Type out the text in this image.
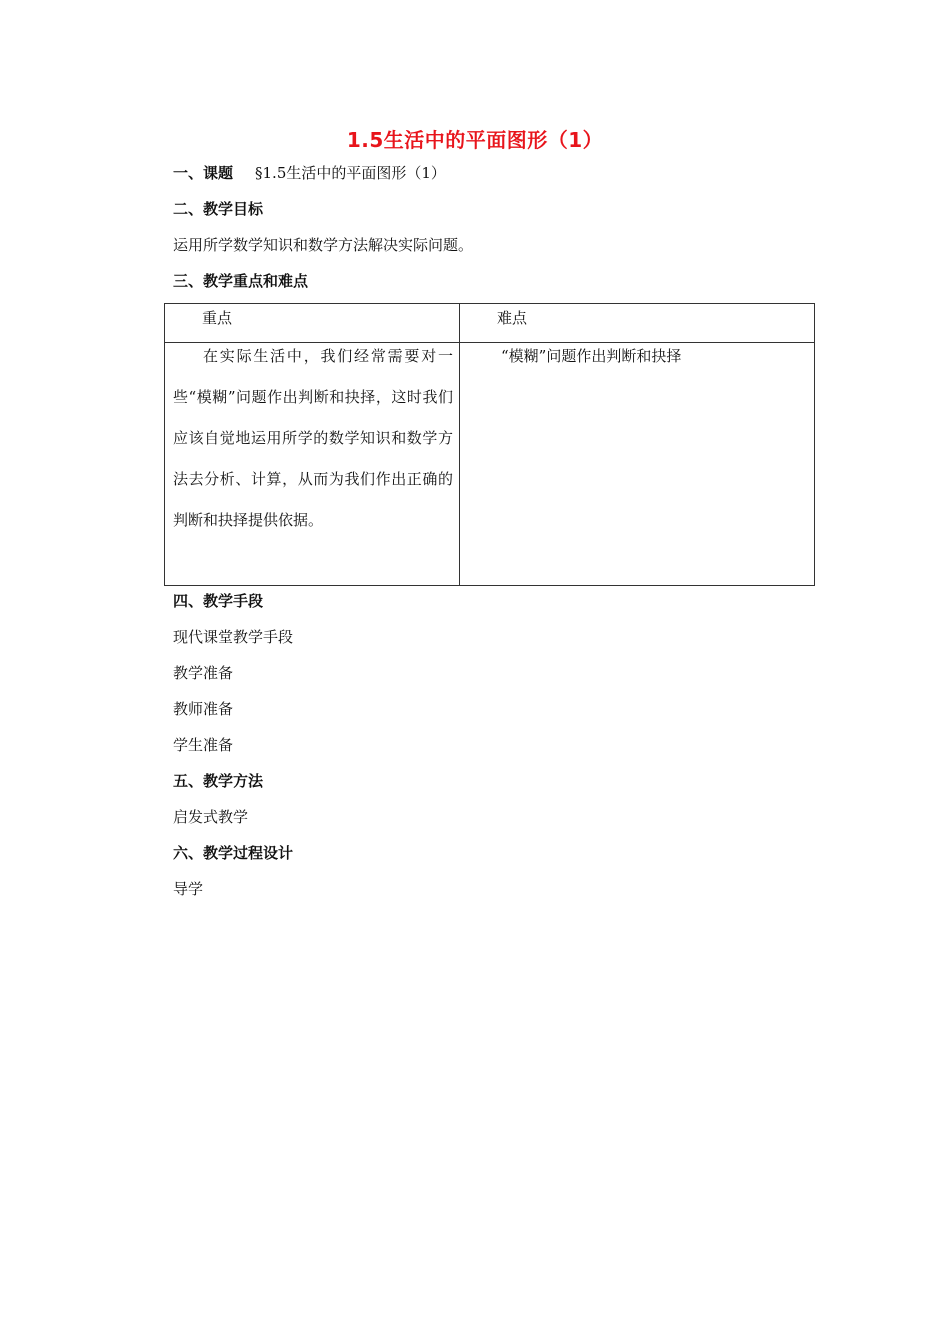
1.5生活中的平面图形（1）
一、课题 §1.5生活中的平面图形（1）
二、教学目标
运用所学数学知识和数学方法解决实际问题。
三、教学重点和难点
重点	难点
在实际生活中，我们经常需要对一些“模糊”问题作出判断和抉择，这时我们应该自觉地运用所学的数学知识和数学方法去分析、计算，从而为我们作出正确的判断和抉择提供依据。
“模糊”问题作出判断和抉择
四、教学手段
现代课堂教学手段
教学准备
教师准备
学生准备
五、教学方法
启发式教学
六、教学过程设计
导学
